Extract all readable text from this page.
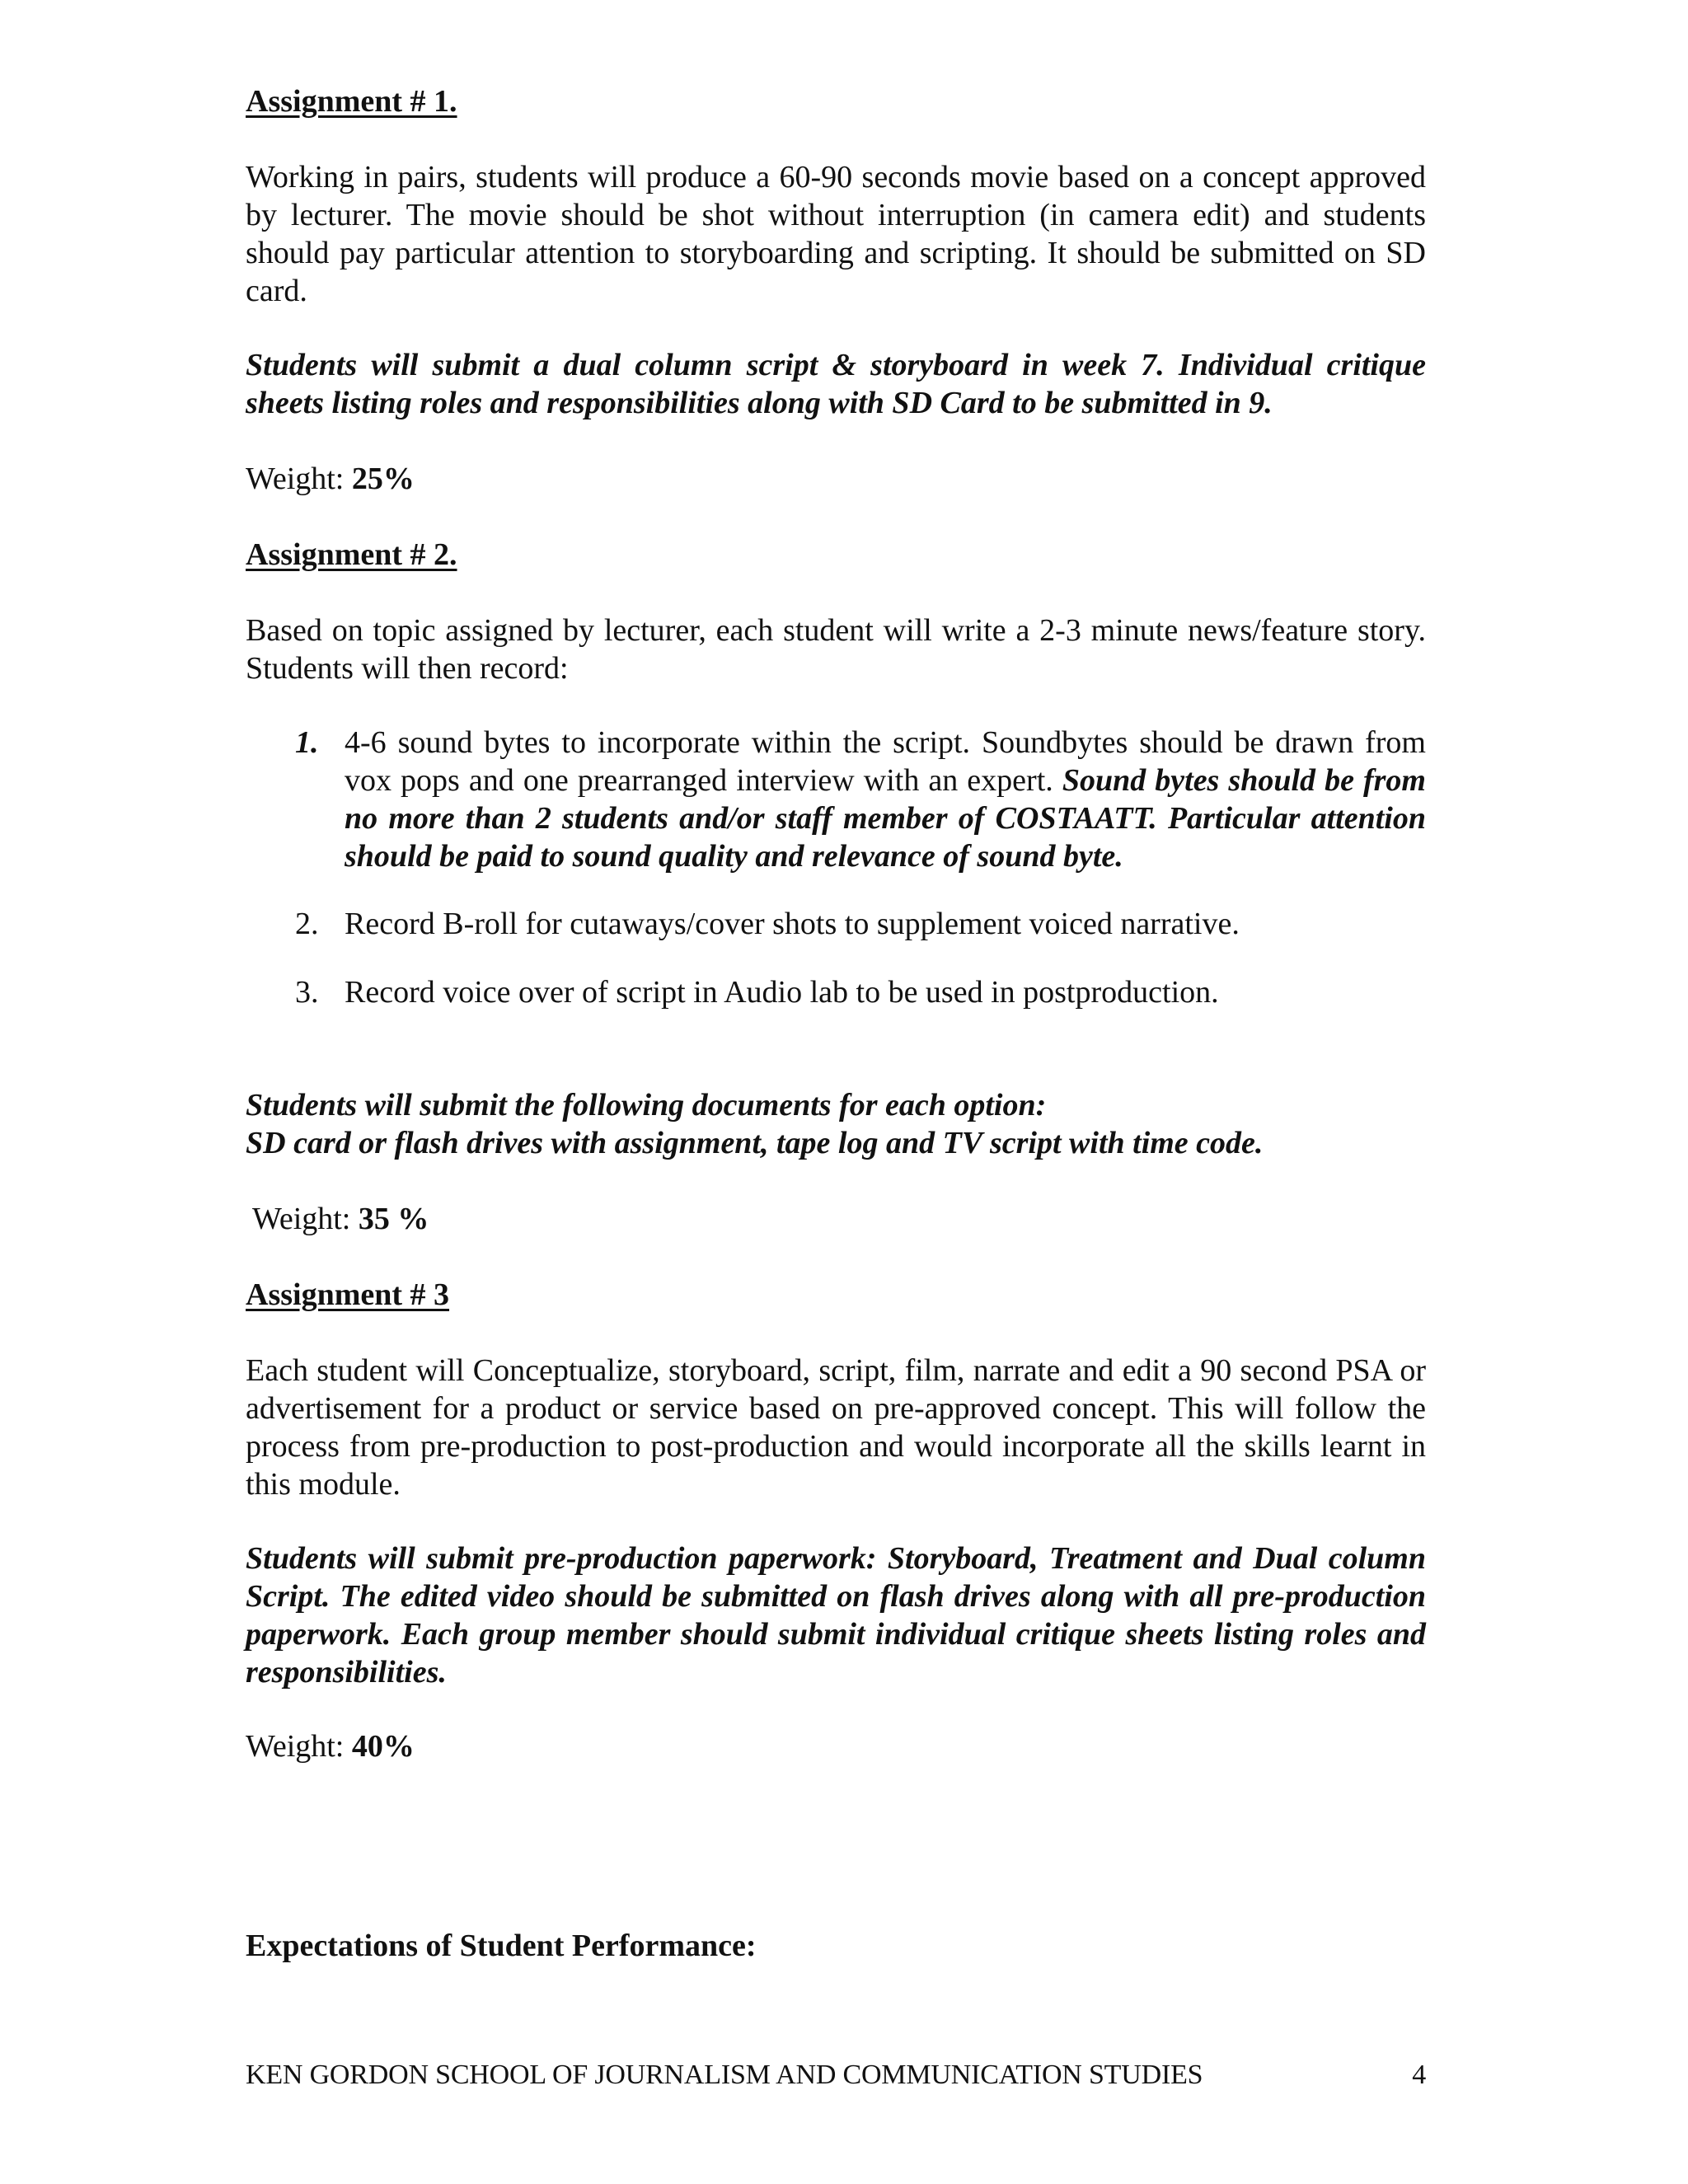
Assignment # 1.

Working in pairs, students will produce a 60-90 seconds movie based on a concept approved by lecturer. The movie should be shot without interruption (in camera edit) and students should pay particular attention to storyboarding and scripting. It should be submitted on SD card.

Students will submit a dual column script & storyboard in week 7. Individual critique sheets listing roles and responsibilities along with SD Card to be submitted in 9.

Weight: 25%

Assignment # 2.

Based on topic assigned by lecturer, each student will write a 2-3 minute news/feature story. Students will then record:

1. 4-6 sound bytes to incorporate within the script. Soundbytes should be drawn from vox pops and one prearranged interview with an expert. Sound bytes should be from no more than 2 students and/or staff member of COSTAATT. Particular attention should be paid to sound quality and relevance of sound byte.
2. Record B-roll for cutaways/cover shots to supplement voiced narrative.
3. Record voice over of script in Audio lab to be used in postproduction.

Students will submit the following documents for each option:
SD card or flash drives with assignment, tape log and TV script with time code.

Weight: 35 %

Assignment # 3

Each student will Conceptualize, storyboard, script, film, narrate and edit a 90 second PSA or advertisement for a product or service based on pre-approved concept. This will follow the process from pre-production to post-production and would incorporate all the skills learnt in this module.

Students will submit pre-production paperwork: Storyboard, Treatment and Dual column Script. The edited video should be submitted on flash drives along with all pre-production paperwork. Each group member should submit individual critique sheets listing roles and responsibilities.

Weight: 40%

Expectations of Student Performance:

KEN GORDON SCHOOL OF JOURNALISM AND COMMUNICATION STUDIES	4
